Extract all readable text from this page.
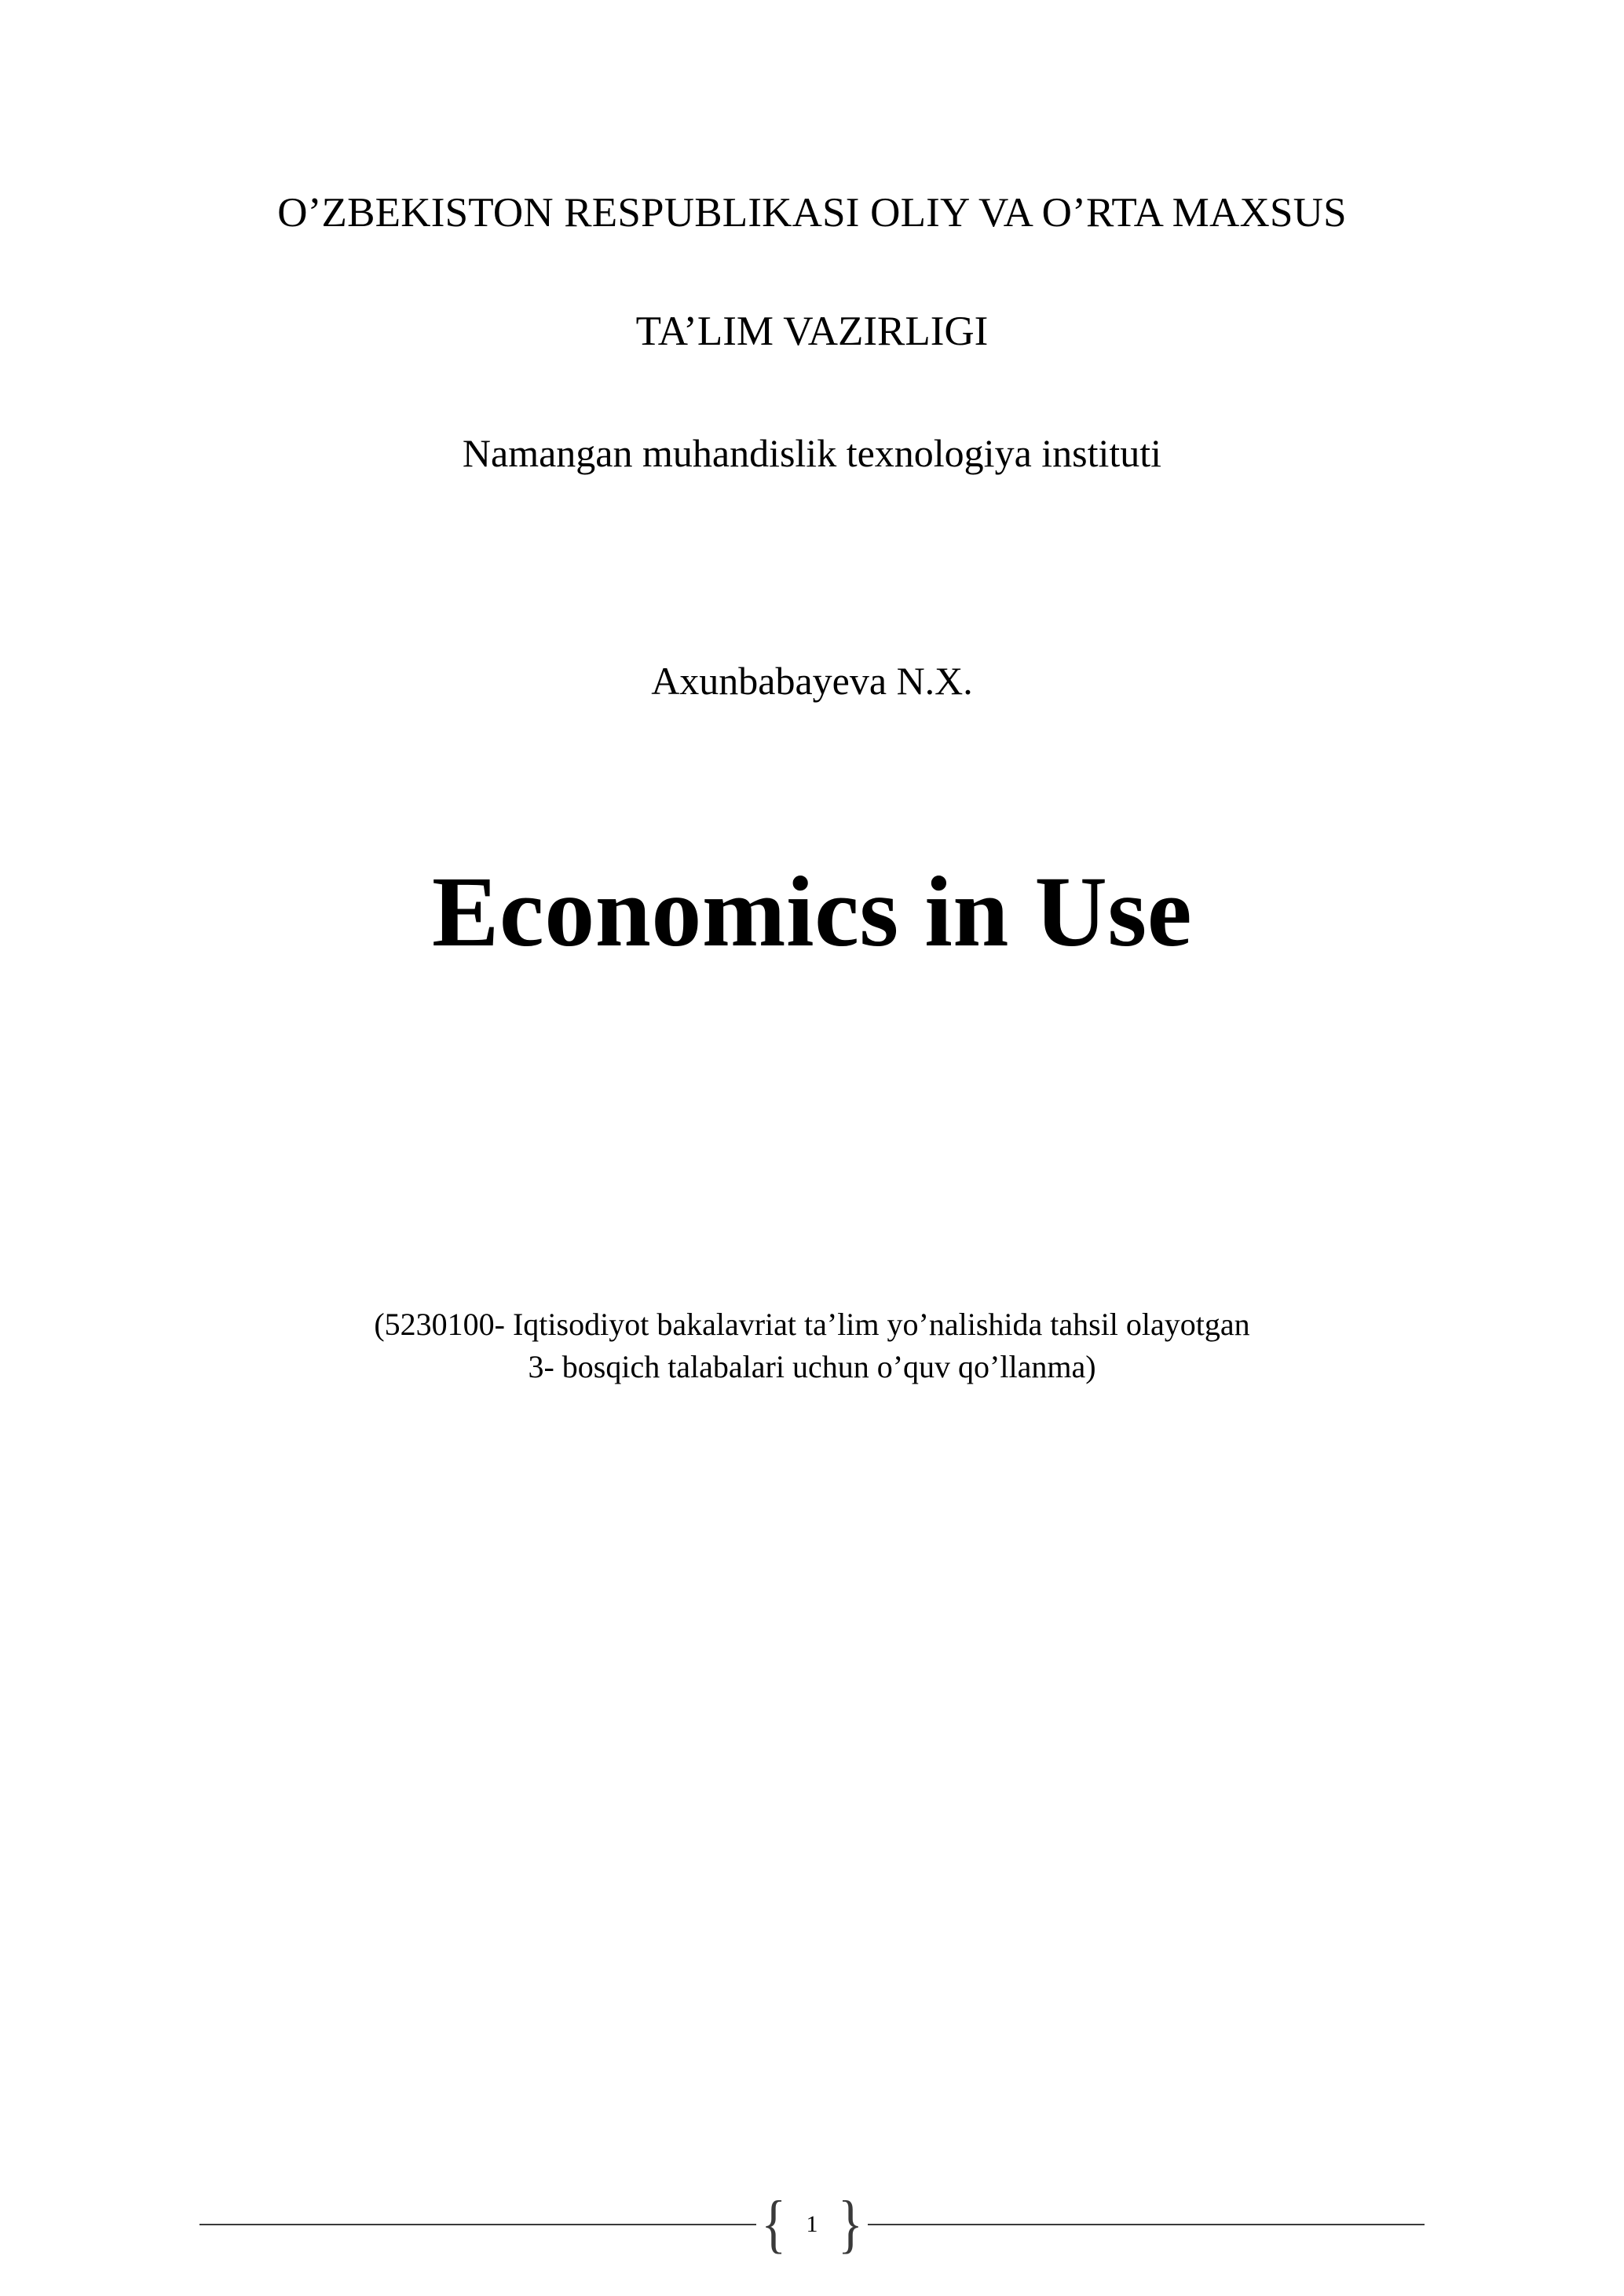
O’ZBEKISTON RESPUBLIKASI OLIY VA O’RTA MAXSUS
TA’LIM VAZIRLIGI
Namangan muhandislik texnologiya instituti
Axunbabayeva N.X.
Economics in Use
(5230100- Iqtisodiyot bakalavriat ta’lim yo’nalishida tahsil olayotgan
3- bosqich talabalari uchun o’quv qo’llanma)
{ 1 }
